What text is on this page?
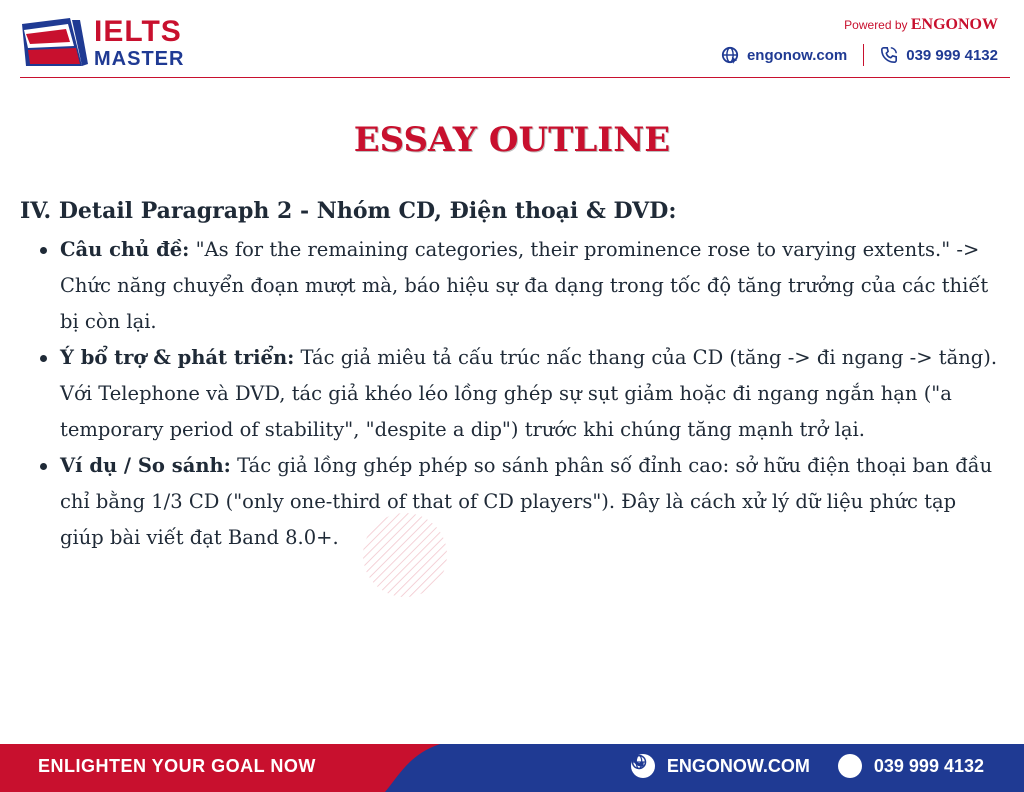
IELTS
MASTER
Powered by ENGONOW
engonow.com	039 999 4132
ESSAY OUTLINE
IV. Detail Paragraph 2 - Nhóm CD, Điện thoại & DVD:
Câu chủ đề: "As for the remaining categories, their prominence rose to varying extents." -> Chức năng chuyển đoạn mượt mà, báo hiệu sự đa dạng trong tốc độ tăng trưởng của các thiết bị còn lại.
Ý bổ trợ & phát triển: Tác giả miêu tả cấu trúc nấc thang của CD (tăng -> đi ngang -> tăng). Với Telephone và DVD, tác giả khéo léo lồng ghép sự sụt giảm hoặc đi ngang ngắn hạn ("a temporary period of stability", "despite a dip") trước khi chúng tăng mạnh trở lại.
Ví dụ / So sánh: Tác giả lồng ghép phép so sánh phân số đỉnh cao: sở hữu điện thoại ban đầu chỉ bằng 1/3 CD ("only one-third of that of CD players"). Đây là cách xử lý dữ liệu phức tạp giúp bài viết đạt Band 8.0+.
ENLIGHTEN YOUR GOAL NOW	ENGONOW.COM	039 999 4132
